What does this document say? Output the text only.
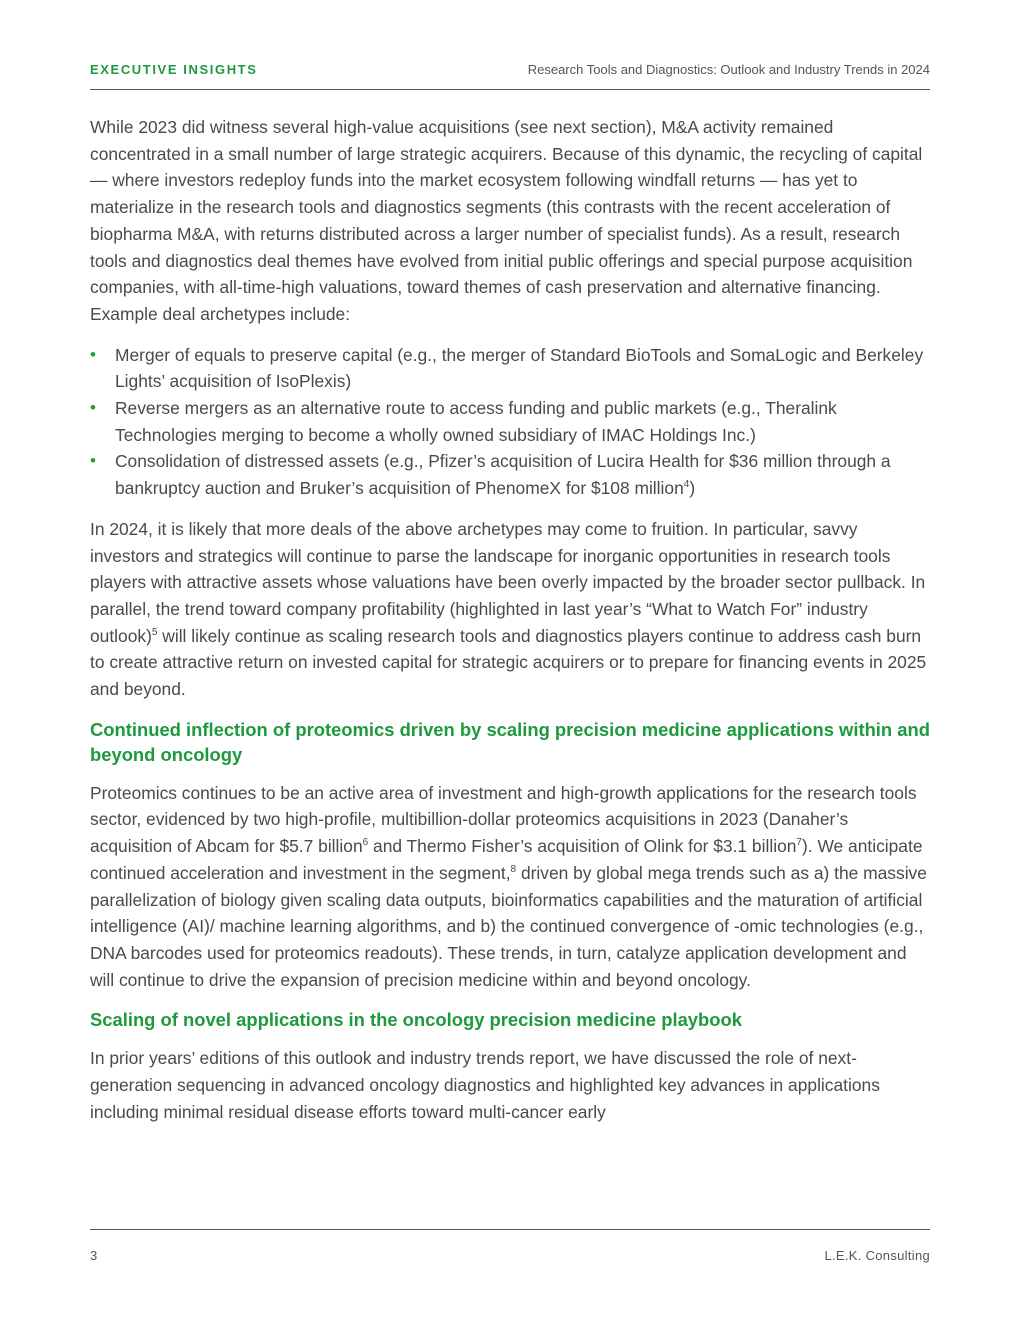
EXECUTIVE INSIGHTS	Research Tools and Diagnostics: Outlook and Industry Trends in 2024

While 2023 did witness several high-value acquisitions (see next section), M&A activity remained concentrated in a small number of large strategic acquirers. Because of this dynamic, the recycling of capital — where investors redeploy funds into the market ecosystem following windfall returns — has yet to materialize in the research tools and diagnostics segments (this contrasts with the recent acceleration of biopharma M&A, with returns distributed across a larger number of specialist funds). As a result, research tools and diagnostics deal themes have evolved from initial public offerings and special purpose acquisition companies, with all-time-high valuations, toward themes of cash preservation and alternative financing. Example deal archetypes include:

• Merger of equals to preserve capital (e.g., the merger of Standard BioTools and SomaLogic and Berkeley Lights’ acquisition of IsoPlexis)
• Reverse mergers as an alternative route to access funding and public markets (e.g., Theralink Technologies merging to become a wholly owned subsidiary of IMAC Holdings Inc.)
• Consolidation of distressed assets (e.g., Pfizer’s acquisition of Lucira Health for $36 million through a bankruptcy auction and Bruker’s acquisition of PhenomeX for $108 million$^4$)

In 2024, it is likely that more deals of the above archetypes may come to fruition. In particular, savvy investors and strategics will continue to parse the landscape for inorganic opportunities in research tools players with attractive assets whose valuations have been overly impacted by the broader sector pullback. In parallel, the trend toward company profitability (highlighted in last year’s “What to Watch For” industry outlook)$^5$ will likely continue as scaling research tools and diagnostics players continue to address cash burn to create attractive return on invested capital for strategic acquirers or to prepare for financing events in 2025 and beyond.

Continued inflection of proteomics driven by scaling precision medicine applications within and beyond oncology

Proteomics continues to be an active area of investment and high-growth applications for the research tools sector, evidenced by two high-profile, multibillion-dollar proteomics acquisitions in 2023 (Danaher’s acquisition of Abcam for $5.7 billion$^6$ and Thermo Fisher’s acquisition of Olink for $3.1 billion$^7$). We anticipate continued acceleration and investment in the segment,$^8$ driven by global mega trends such as a) the massive parallelization of biology given scaling data outputs, bioinformatics capabilities and the maturation of artificial intelligence (AI)/ machine learning algorithms, and b) the continued convergence of -omic technologies (e.g., DNA barcodes used for proteomics readouts). These trends, in turn, catalyze application development and will continue to drive the expansion of precision medicine within and beyond oncology.

Scaling of novel applications in the oncology precision medicine playbook

In prior years’ editions of this outlook and industry trends report, we have discussed the role of next-generation sequencing in advanced oncology diagnostics and highlighted key advances in applications including minimal residual disease efforts toward multi-cancer early

3	L.E.K. Consulting
